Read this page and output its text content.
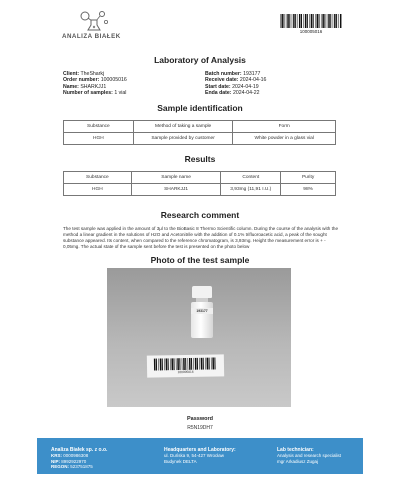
ANALIZA BIAŁEK
100005016
Laboratory of Analysis
Client: TheSharkj
Order number: 100005016
Name: SHARKJJ1
Number of samples: 1 vial
Batch number: 193177
Receive date: 2024-04-16
Start date: 2024-04-19
Enda date: 2024-04-22
Sample identification
Substance	Method of taking a sample	Form
HGH	Sample provided by customer	White powder in a glass vial
Results
Substance	Sample name	Content	Purity
HGH	SHARKJJ1	3,93mg (11,91 I.U.)	98%
Research comment
The test sample was applied in the amount of 3μl to the BioBasic 8 Thermo Scientific column. During the course of the analysis with the method a linear gradient in the solutions of H2O and Acetonitrile with the addition of 0.1% trifluoroacetic acid, a peak of the sought substance appeared. Its content, when compared to the reference chromatogram, is 3,93mg. Height the measurement error is + - 0,05mg. The actual state of the sample sent before the test is presented on the photo below
Photo of the test sample
193177
100005016
Password
R5N19DH7
Analiza Białek sp. z o.o.
KRS: 0000986308
NIP: 8992922970
REGON: 523751875
Headquarters and Laboratory:
ul. Duńska 9, 54-427 Wrocław
Budynek DELTA
Lab technician:
Analysis and research specialist
mgr Arkadiusz Zugaj
